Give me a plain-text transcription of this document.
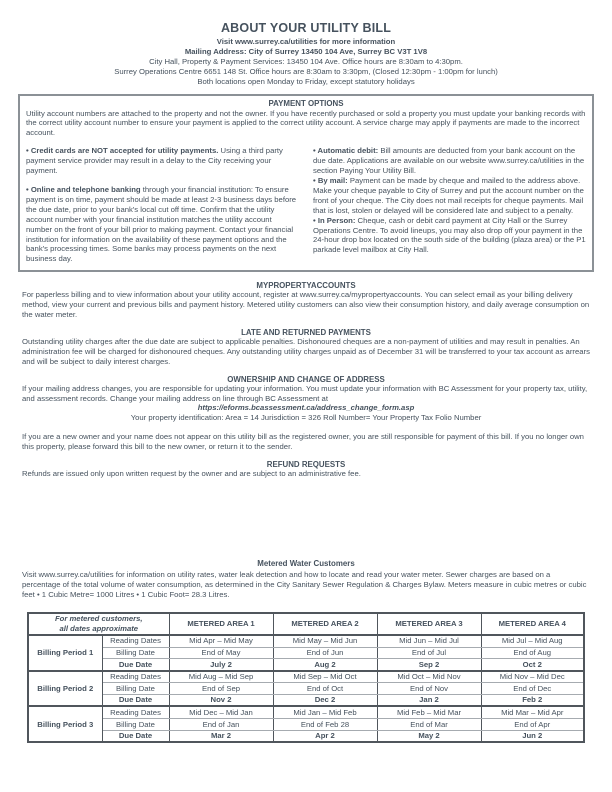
ABOUT YOUR UTILITY BILL

Visit www.surrey.ca/utilities for more information

Mailing Address: City of Surrey 13450 104 Ave, Surrey BC V3T 1V8

City Hall, Property & Payment Services: 13450 104 Ave. Office hours are 8:30am to 4:30pm.

Surrey Operations Centre 6651 148 St. Office hours are 8:30am to 3:30pm, (Closed 12:30pm - 1:00pm for lunch)

Both locations open Monday to Friday, except statutory holidays

PAYMENT OPTIONS

Utility account numbers are attached to the property and not the owner. If you have recently purchased or sold a property you must update your banking records with the correct utility account number to ensure your payment is applied to the correct utility account. A service charge may apply if payments are made to the incorrect account.

• Credit cards are NOT accepted for utility payments. Using a third party payment service provider may result in a delay to the City receiving your payment.

• Online and telephone banking through your financial institution: To ensure payment is on time, payment should be made at least 2-3 business days before the due date, prior to your bank's local cut off time. Confirm that the utility account number with your financial institution matches the utility account number on the front of your bill prior to making payment. Contact your financial institution for information on the availability of these payment options and the bank's processing times. Some banks may process payments on the next business day.

• Automatic debit: Bill amounts are deducted from your bank account on the due date. Applications are available on our website www.surrey.ca/utilities in the section Paying Your Utility Bill.

• By mail: Payment can be made by cheque and mailed to the address above. Make your cheque payable to City of Surrey and put the account number on the front of your cheque. The City does not mail receipts for cheque payments. Mail that is lost, stolen or delayed will be considered late and subject to a penalty.

• In Person: Cheque, cash or debit card payment at City Hall or the Surrey Operations Centre. To avoid lineups, you may also drop off your payment in the 24-hour drop box located on the south side of the building (plaza area) or the P1 parkade level mailbox at City Hall.

MYPROPERTYACCOUNTS

For paperless billing and to view information about your utility account, register at www.surrey.ca/mypropertyaccounts. You can select email as your billing delivery method, view your current and previous bills and payment history. Metered utility customers can also view their consumption history, and daily average consumption on the water meter.

LATE AND RETURNED PAYMENTS

Outstanding utility charges after the due date are subject to applicable penalties. Dishonoured cheques are a non-payment of utilities and may result in penalties. An administration fee will be charged for dishonoured cheques. Any outstanding utility charges unpaid as of December 31 will be transferred to your tax account as arrears and will be subject to daily interest charges.

OWNERSHIP AND CHANGE OF ADDRESS

If your mailing address changes, you are responsible for updating your information. You must update your information with BC Assessment for your property tax, utility, and assessment records. Change your mailing address on line through BC Assessment at

https://eforms.bcassessment.ca/address_change_form.asp

Your property identification: Area = 14 Jurisdiction = 326 Roll Number= Your Property Tax Folio Number

If you are a new owner and your name does not appear on this utility bill as the registered owner, you are still responsible for payment of this bill. If you no longer own this property, please forward this bill to the new owner, or return it to the sender.

REFUND REQUESTS

Refunds are issued only upon written request by the owner and are subject to an administrative fee.

Metered Water Customers

Visit www.surrey.ca/utilities for information on utility rates, water leak detection and how to locate and read your water meter. Sewer charges are based on a percentage of the total volume of water consumption, as determined in the City Sanitary Sewer Regulation & Charges Bylaw. Meters measure in cubic metres or cubic feet • 1 Cubic Metre= 1000 Litres • 1 Cubic Foot= 28.3 Litres.

For metered customers,
all dates approximate		METERED AREA 1	METERED AREA 2	METERED AREA 3	METERED AREA 4
Billing Period 1	Reading Dates	Mid Apr – Mid May	Mid May – Mid Jun	Mid Jun – Mid Jul	Mid Jul – Mid Aug
	Billing Date	End of May	End of Jun	End of Jul	End of Aug
	Due Date	July 2	Aug 2	Sep 2	Oct 2
Billing Period 2	Reading Dates	Mid Aug – Mid Sep	Mid Sep – Mid Oct	Mid Oct – Mid Nov	Mid Nov – Mid Dec
	Billing Date	End of Sep	End of Oct	End of Nov	End of Dec
	Due Date	Nov 2	Dec 2	Jan 2	Feb 2
Billing Period 3	Reading Dates	Mid Dec – Mid Jan	Mid Jan – Mid Feb	Mid Feb – Mid Mar	Mid Mar – Mid Apr
	Billing Date	End of Jan	End of Feb 28	End of Mar	End of Apr
	Due Date	Mar 2	Apr 2	May 2	Jun 2
